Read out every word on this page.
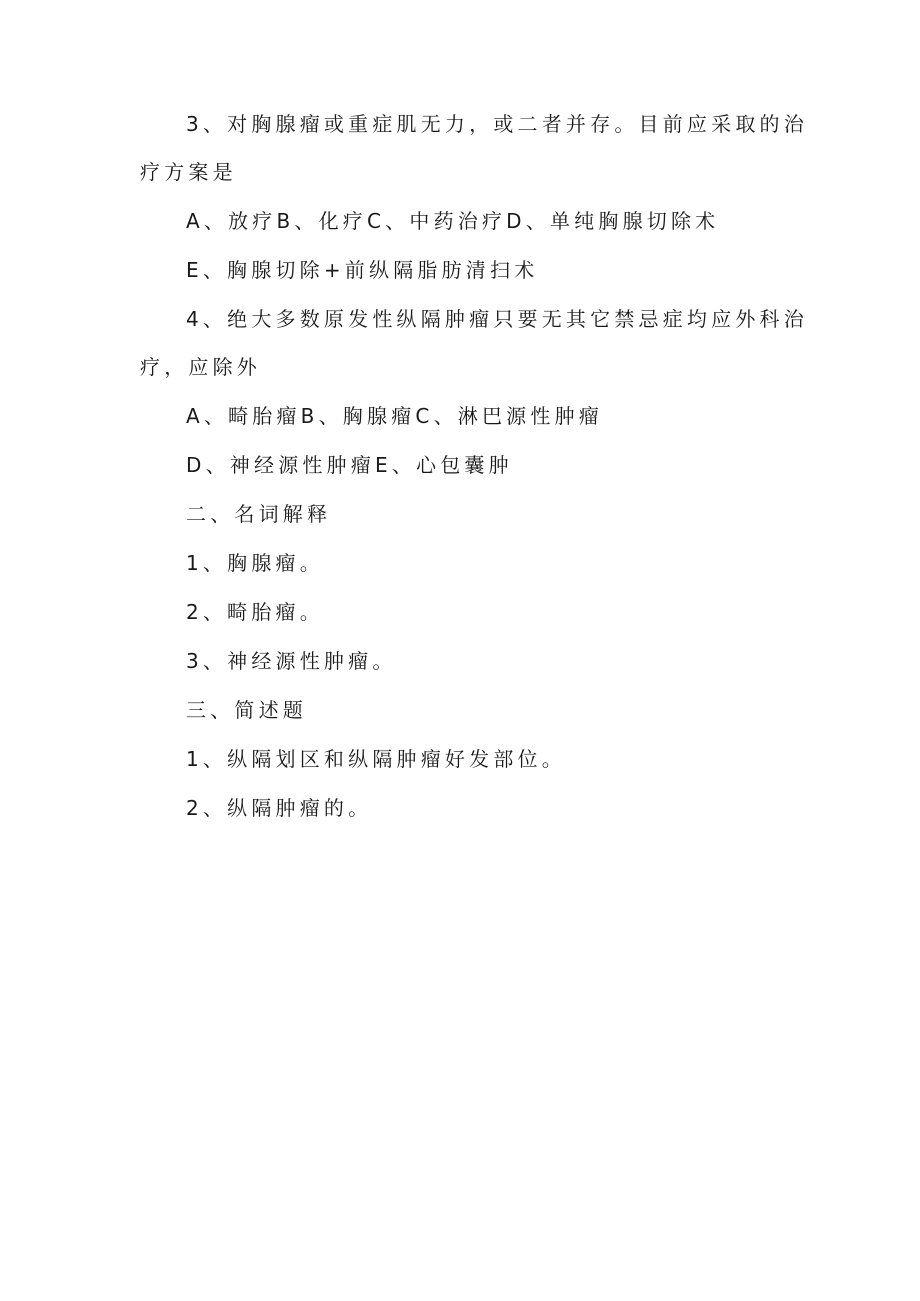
3、对胸腺瘤或重症肌无力，或二者并存。目前应采取的治

疗方案是

A、放疗B、化疗C、中药治疗D、单纯胸腺切除术

E、胸腺切除+前纵隔脂肪清扫术

4、绝大多数原发性纵隔肿瘤只要无其它禁忌症均应外科治

疗，应除外

A、畸胎瘤B、胸腺瘤C、淋巴源性肿瘤

D、神经源性肿瘤E、心包囊肿

二、名词解释

1、胸腺瘤。

2、畸胎瘤。

3、神经源性肿瘤。

三、简述题

1、纵隔划区和纵隔肿瘤好发部位。

2、纵隔肿瘤的。
